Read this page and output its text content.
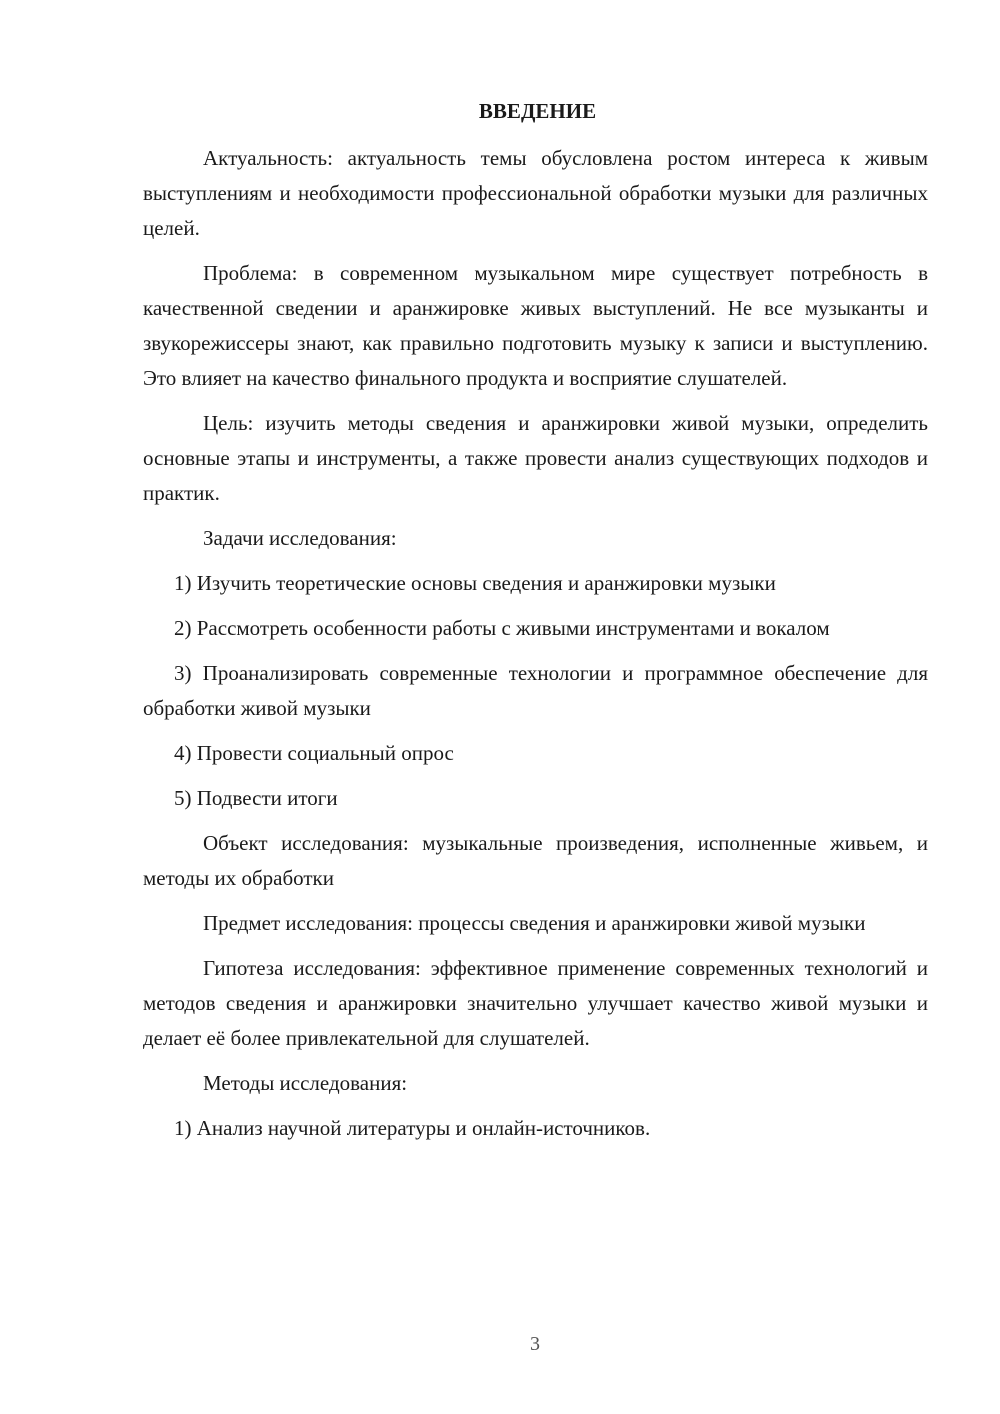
ВВЕДЕНИЕ

Актуальность: актуальность темы обусловлена ростом интереса к живым выступлениям и необходимости профессиональной обработки музыки для различных целей.

Проблема: в современном музыкальном мире существует потребность в качественной сведении и аранжировке живых выступлений. Не все музыканты и звукорежиссеры знают, как правильно подготовить музыку к записи и выступлению. Это влияет на качество финального продукта и восприятие слушателей.

Цель: изучить методы сведения и аранжировки живой музыки, определить основные этапы и инструменты, а также провести анализ существующих подходов и практик.

Задачи исследования:

1) Изучить теоретические основы сведения и аранжировки музыки

2) Рассмотреть особенности работы с живыми инструментами и вокалом

3) Проанализировать современные технологии и программное обеспечение для обработки живой музыки

4) Провести социальный опрос

5) Подвести итоги

Объект исследования: музыкальные произведения, исполненные живьем, и методы их обработки

Предмет исследования: процессы сведения и аранжировки живой музыки

Гипотеза исследования: эффективное применение современных технологий и методов сведения и аранжировки значительно улучшает качество живой музыки и делает её более привлекательной для слушателей.

Методы исследования:

1) Анализ научной литературы и онлайн-источников.

3
